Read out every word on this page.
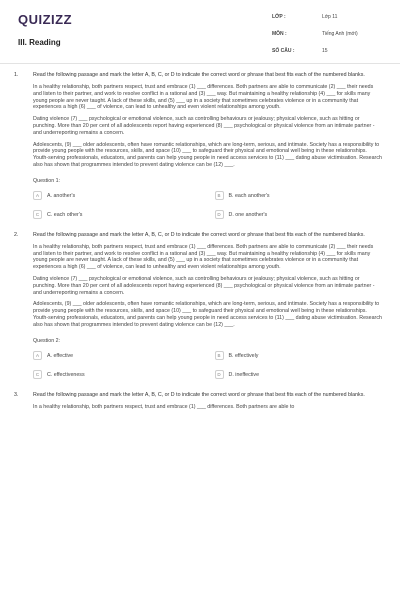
QUIZIZZ
III. Reading
LỚP :	Lớp 11
MÔN :	Tiếng Anh (mới)
SỐ CÂU :	15
1.	Read the following passage and mark the letter A, B, C, or D to indicate the correct word or phrase that best fits each of the numbered blanks.

In a healthy relationship, both partners respect, trust and embrace (1) ___ differences. Both partners are able to communicate (2) ___ their needs and listen to their partner, and work to resolve conflict in a rational and (3) ___ way. But maintaining a healthy relationship (4) ___ for skills many young people are never taught. A lack of these skills, and (5) ___ up in a society that sometimes celebrates violence or in a community that experiences a high (6) ___ of violence, can lead to unhealthy and even violent relationships among youth.

Dating violence (7) ___ psychological or emotional violence, such as controlling behaviours or jealousy; physical violence, such as hitting or punching. More than 20 per cent of all adolescents report having experienced (8) ___ psychological or physical violence from an intimate partner - and underreporting remains a concern.

Adolescents, (9) ___ older adolescents, often have romantic relationships, which are long-term, serious, and intimate. Society has a responsibility to provide young people with the resources, skills, and space (10) ___ to safeguard their physical and emotional well being in these relationships. Youth-serving professionals, educators, and parents can help young people in need access services to (11) ___ dating abuse victimisation. Research also has shown that programmes intended to prevent dating violence can be (12) ___.

Question 1:
A	A. another's	B	B. each another's
C	C. each other's	D	D. one another's
2.	Read the following passage and mark the letter A, B, C, or D to indicate the correct word or phrase that best fits each of the numbered blanks.

In a healthy relationship, both partners respect, trust and embrace (1) ___ differences. Both partners are able to communicate (2) ___ their needs and listen to their partner, and work to resolve conflict in a rational and (3) ___ way. But maintaining a healthy relationship (4) ___ for skills many young people are never taught. A lack of these skills, and (5) ___ up in a society that sometimes celebrates violence or in a community that experiences a high (6) ___ of violence, can lead to unhealthy and even violent relationships among youth.

Dating violence (7) ___ psychological or emotional violence, such as controlling behaviours or jealousy; physical violence, such as hitting or punching. More than 20 per cent of all adolescents report having experienced (8) ___ psychological or physical violence from an intimate partner - and underreporting remains a concern.

Adolescents, (9) ___ older adolescents, often have romantic relationships, which are long-term, serious, and intimate. Society has a responsibility to provide young people with the resources, skills, and space (10) ___ to safeguard their physical and emotional well being in these relationships. Youth-serving professionals, educators, and parents can help young people in need access services to (11) ___ dating abuse victimisation. Research also has shown that programmes intended to prevent dating violence can be (12) ___.

Question 2:
A	A. effective	B	B. effectively
C	C. effectiveness	D	D. ineffective
3.	Read the following passage and mark the letter A, B, C, or D to indicate the correct word or phrase that best fits each of the numbered blanks.

In a healthy relationship, both partners respect, trust and embrace (1) ___ differences. Both partners are able to
